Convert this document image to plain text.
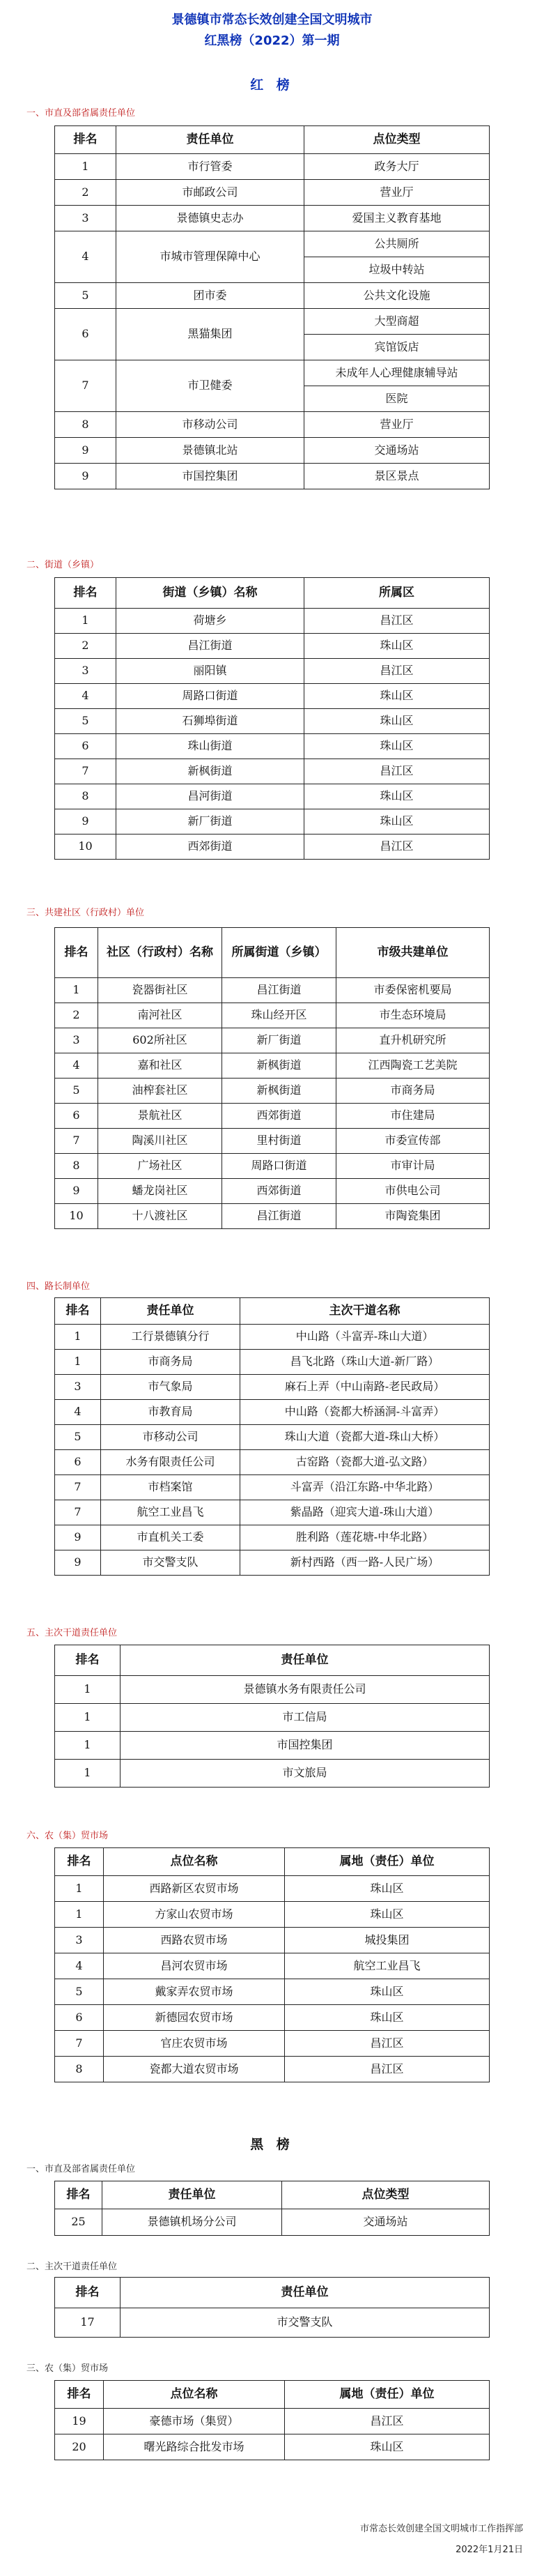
景德镇市常态长效创建全国文明城市
红黑榜（2022）第一期
红 榜
一、市直及部省属责任单位
排名	责任单位	点位类型
1	市行管委	政务大厅
2	市邮政公司	营业厅
3	景德镇史志办	爱国主义教育基地
4	市城市管理保障中心	公共厕所
		垃圾中转站
5	团市委	公共文化设施
6	黑猫集团	大型商超
		宾馆饭店
7	市卫健委	未成年人心理健康辅导站
		医院
8	市移动公司	营业厅
9	景德镇北站	交通场站
9	市国控集团	景区景点
二、街道（乡镇）
排名	街道（乡镇）名称	所属区
1	荷塘乡	昌江区
2	昌江街道	珠山区
3	丽阳镇	昌江区
4	周路口街道	珠山区
5	石狮埠街道	珠山区
6	珠山街道	珠山区
7	新枫街道	昌江区
8	昌河街道	珠山区
9	新厂街道	珠山区
10	西郊街道	昌江区
三、共建社区（行政村）单位
排名	社区（行政村）名称	所属街道（乡镇）	市级共建单位
1	瓷器街社区	昌江街道	市委保密机要局
2	南河社区	珠山经开区	市生态环境局
3	602所社区	新厂街道	直升机研究所
4	嘉和社区	新枫街道	江西陶瓷工艺美院
5	油榨套社区	新枫街道	市商务局
6	景航社区	西郊街道	市住建局
7	陶溪川社区	里村街道	市委宣传部
8	广场社区	周路口街道	市审计局
9	蟠龙岗社区	西郊街道	市供电公司
10	十八渡社区	昌江街道	市陶瓷集团
四、路长制单位
排名	责任单位	主次干道名称
1	工行景德镇分行	中山路（斗富弄-珠山大道）
1	市商务局	昌飞北路（珠山大道-新厂路）
3	市气象局	麻石上弄（中山南路-老民政局）
4	市教育局	中山路（瓷都大桥涵洞-斗富弄）
5	市移动公司	珠山大道（瓷都大道-珠山大桥）
6	水务有限责任公司	古窑路（瓷都大道-弘文路）
7	市档案馆	斗富弄（沿江东路-中华北路）
7	航空工业昌飞	紫晶路（迎宾大道-珠山大道）
9	市直机关工委	胜利路（莲花塘-中华北路）
9	市交警支队	新村西路（西一路-人民广场）
五、主次干道责任单位
排名	责任单位
1	景德镇水务有限责任公司
1	市工信局
1	市国控集团
1	市文旅局
六、农（集）贸市场
排名	点位名称	属地（责任）单位
1	西路新区农贸市场	珠山区
1	方家山农贸市场	珠山区
3	西路农贸市场	城投集团
4	昌河农贸市场	航空工业昌飞
5	戴家弄农贸市场	珠山区
6	新德园农贸市场	珠山区
7	官庄农贸市场	昌江区
8	瓷都大道农贸市场	昌江区
黑 榜
一、市直及部省属责任单位
排名	责任单位	点位类型
25	景德镇机场分公司	交通场站
二、主次干道责任单位
排名	责任单位
17	市交警支队
三、农（集）贸市场
排名	点位名称	属地（责任）单位
19	豪德市场（集贸）	昌江区
20	曙光路综合批发市场	珠山区
市常态长效创建全国文明城市工作指挥部
2022年1月21日
